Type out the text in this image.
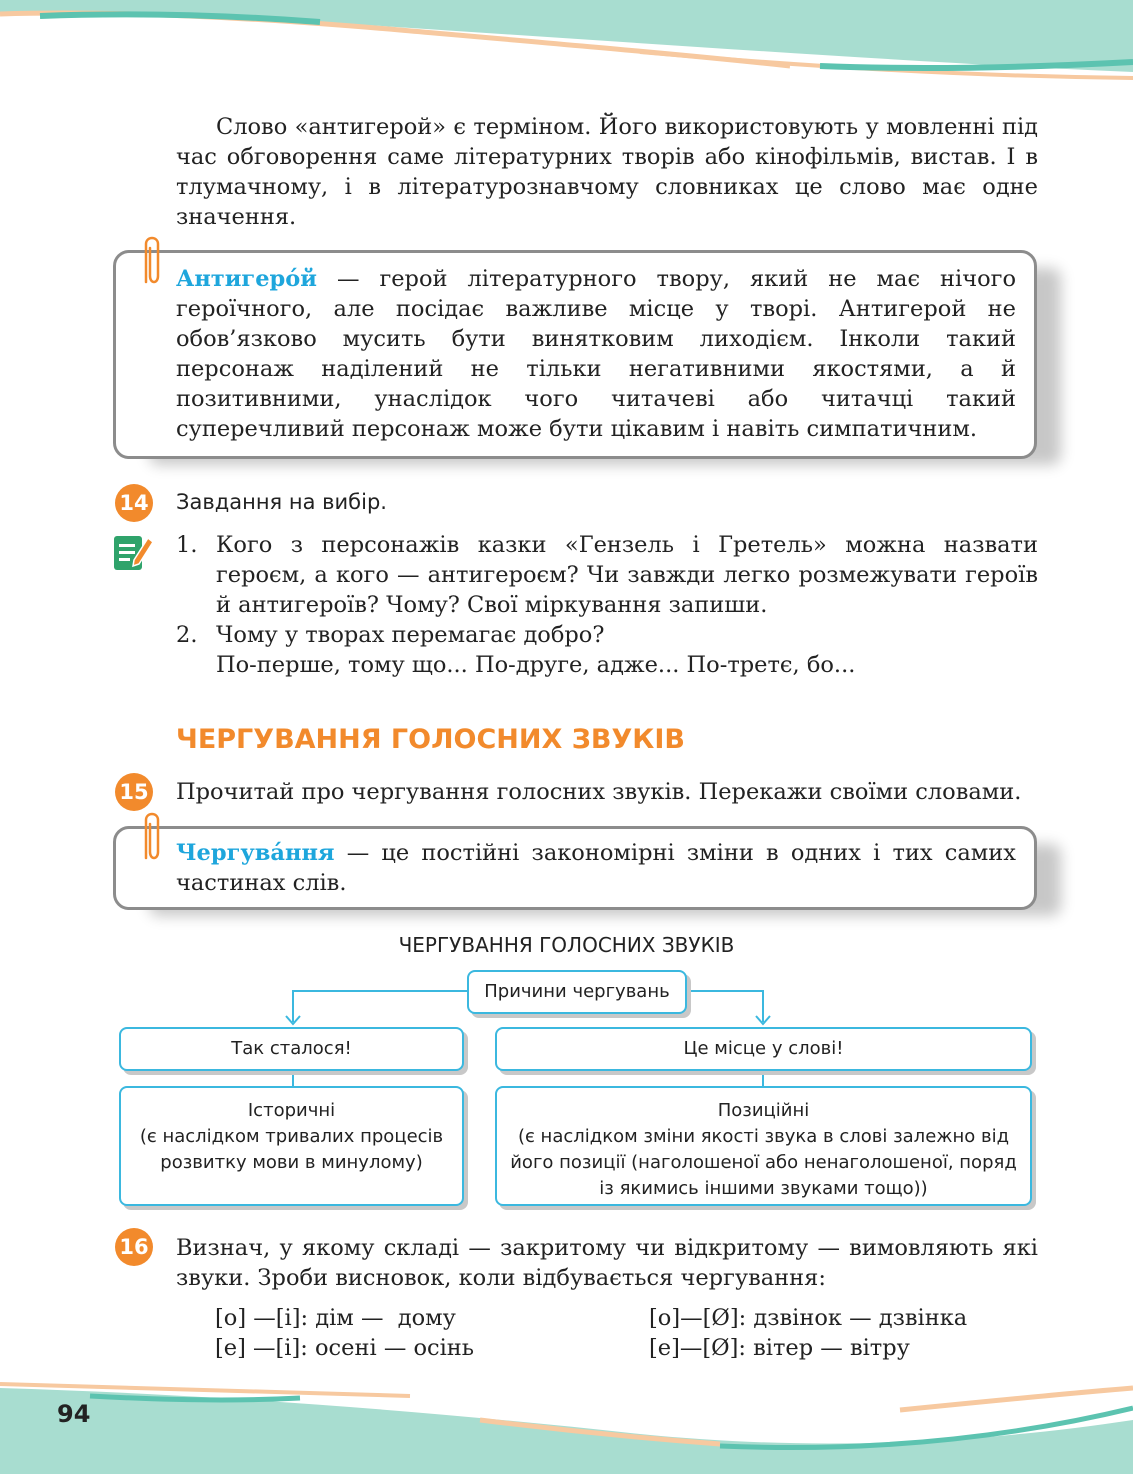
Слово «антигерой» є терміном. Його використовують у мовленні під час обговорення саме літературних творів або кінофільмів, вистав. І в тлумачному, і в літературознавчому словниках це слово має одне значення.
Антигеро́й — герой літературного твору, який не має нічого героїчного, але посідає важливе місце у творі. Антигерой не обов’язково мусить бути винятковим лиходієм. Інколи такий персонаж наділений не тільки негативними якостями, а й позитивними, унаслідок чого читачеві або читачці такий суперечливий персонаж може бути цікавим і навіть симпатичним.
14 Завдання на вибір.
1. Кого з персонажів казки «Гензель і Гретель» можна назвати героєм, а кого — антигероєм? Чи завжди легко розмежувати героїв й антигероїв? Чому? Свої міркування запиши.
2. Чому у творах перемагає добро?
По-перше, тому що... По-друге, адже... По-третє, бо...
ЧЕРГУВАННЯ ГОЛОСНИХ ЗВУКІВ
15 Прочитай про чергування голосних звуків. Перекажи своїми словами.
Чергува́ння — це постійні закономірні зміни в одних і тих самих частинах слів.
ЧЕРГУВАННЯ ГОЛОСНИХ ЗВУКІВ
Причини чергувань
Так сталося!	Це місце у слові!
Історичні
(є наслідком тривалих процесів розвитку мови в минулому)
Позиційні
(є наслідком зміни якості звука в слові залежно від його позиції (наголошеної або ненаголошеної, поряд із якимись іншими звуками тощо))
16 Визнач, у якому складі — закритому чи відкритому — вимовляють які звуки. Зроби висновок, коли відбувається чергування:
[о] —[і]: дім —  дому
[е] —[і]: осені — осінь
[о]—[Ø]: дзвінок — дзвінка
[е]—[Ø]: вітер — вітру
94
